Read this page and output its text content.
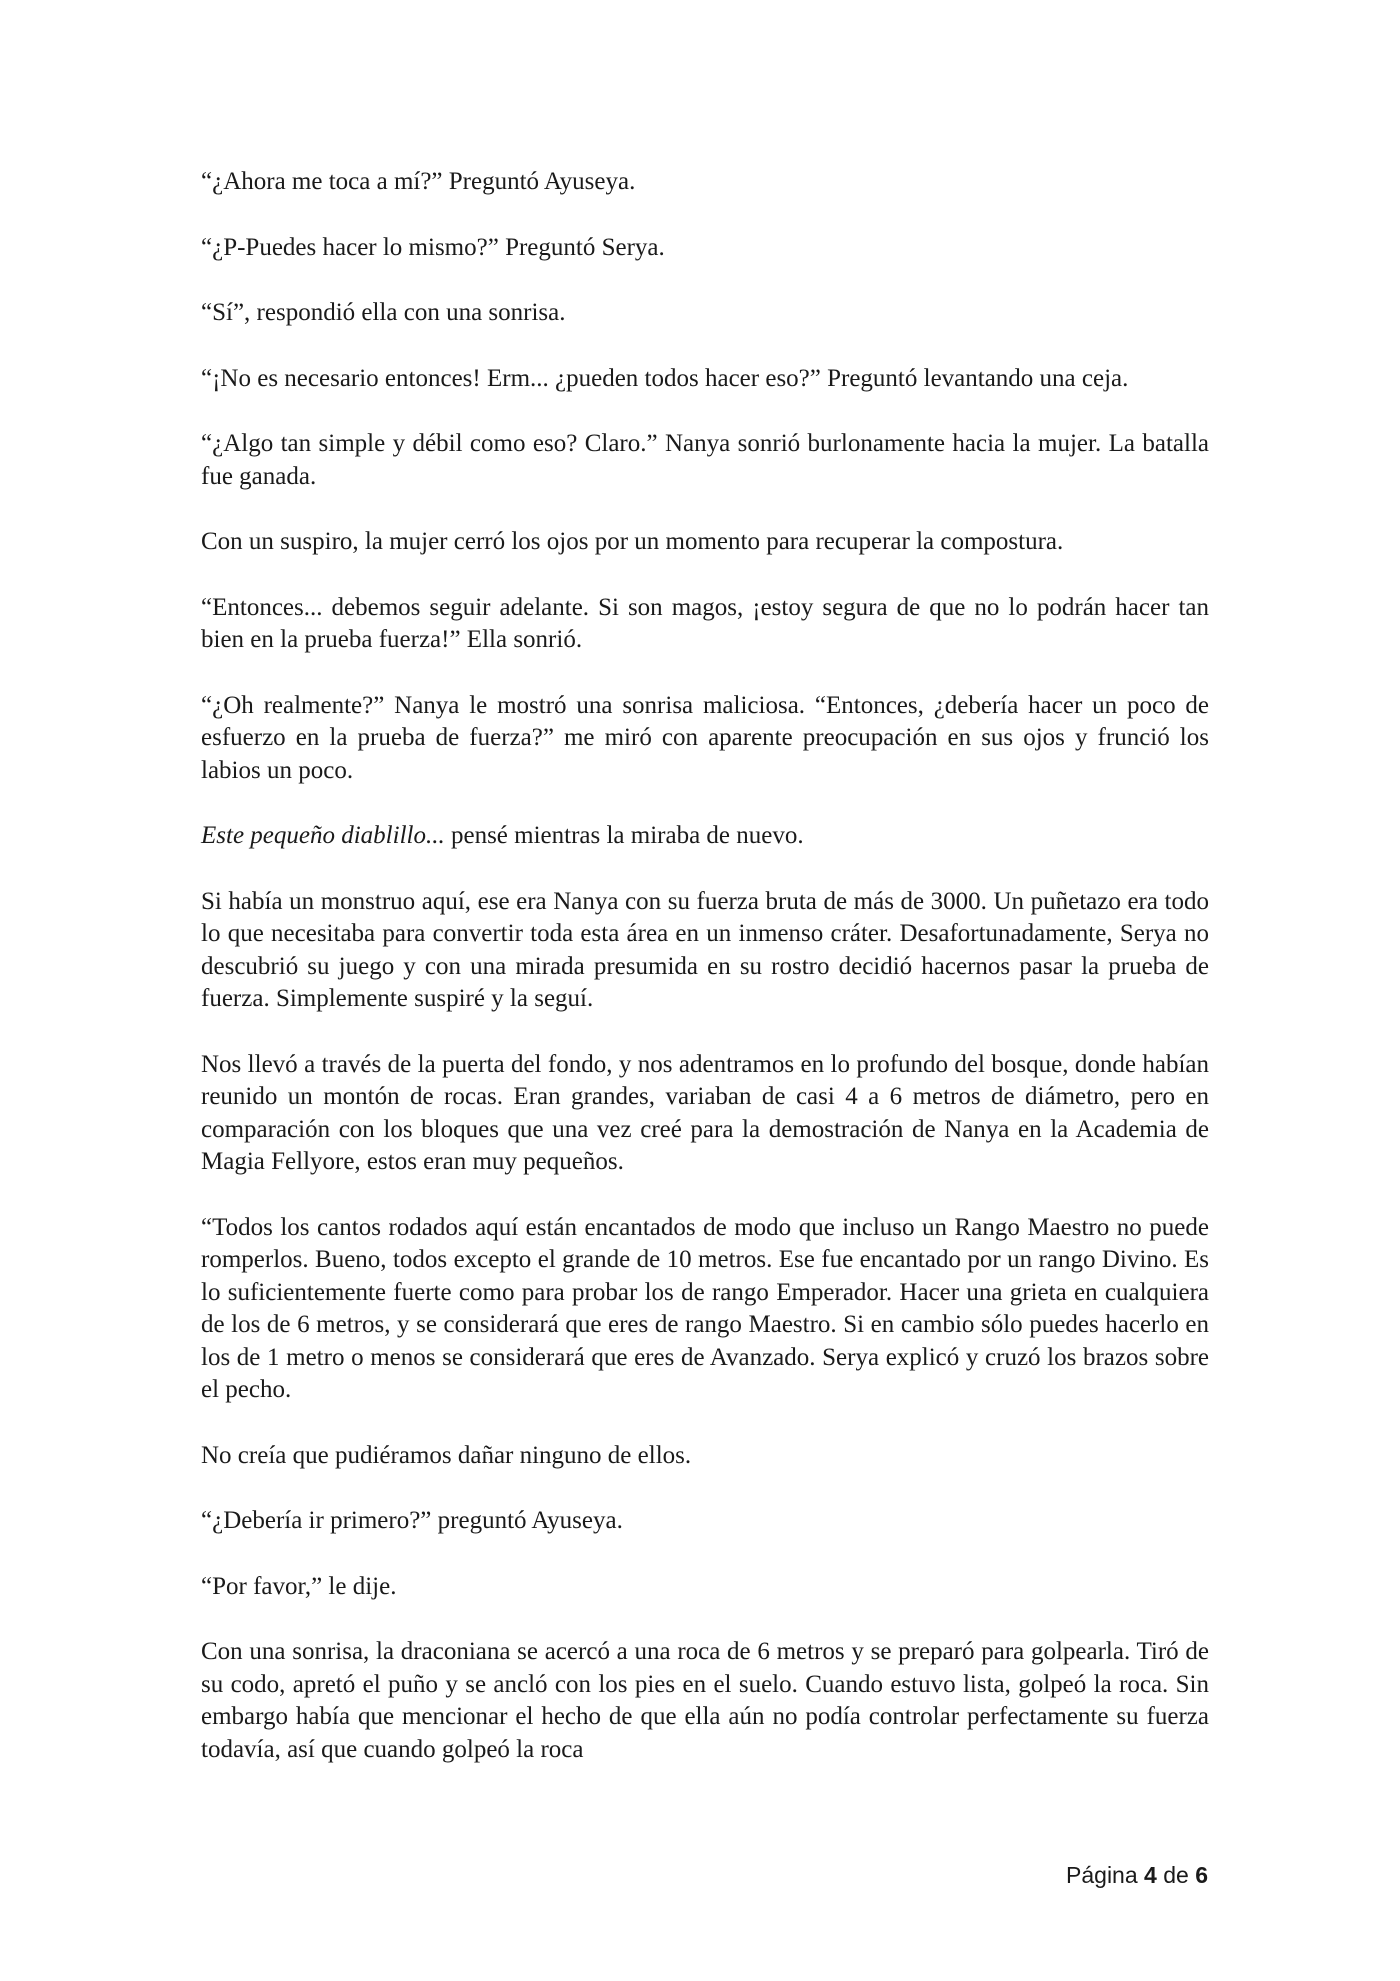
“¿Ahora me toca a mí?” Preguntó Ayuseya.

“¿P-Puedes hacer lo mismo?” Preguntó Serya.

“Sí”, respondió ella con una sonrisa.

“¡No es necesario entonces! Erm... ¿pueden todos hacer eso?” Preguntó levantando una ceja.

“¿Algo tan simple y débil como eso? Claro.” Nanya sonrió burlonamente hacia la mujer. La batalla fue ganada.

Con un suspiro, la mujer cerró los ojos por un momento para recuperar la compostura.

“Entonces... debemos seguir adelante. Si son magos, ¡estoy segura de que no lo podrán hacer tan bien en la prueba fuerza!” Ella sonrió.

“¿Oh realmente?” Nanya le mostró una sonrisa maliciosa. “Entonces, ¿debería hacer un poco de esfuerzo en la prueba de fuerza?” me miró con aparente preocupación en sus ojos y frunció los labios un poco.

Este pequeño diablillo... pensé mientras la miraba de nuevo.

Si había un monstruo aquí, ese era Nanya con su fuerza bruta de más de 3000. Un puñetazo era todo lo que necesitaba para convertir toda esta área en un inmenso cráter. Desafortunadamente, Serya no descubrió su juego y con una mirada presumida en su rostro decidió hacernos pasar la prueba de fuerza. Simplemente suspiré y la seguí.

Nos llevó a través de la puerta del fondo, y nos adentramos en lo profundo del bosque, donde habían reunido un montón de rocas. Eran grandes, variaban de casi 4 a 6 metros de diámetro, pero en comparación con los bloques que una vez creé para la demostración de Nanya en la Academia de Magia Fellyore, estos eran muy pequeños.

“Todos los cantos rodados aquí están encantados de modo que incluso un Rango Maestro no puede romperlos. Bueno, todos excepto el grande de 10 metros. Ese fue encantado por un rango Divino. Es lo suficientemente fuerte como para probar los de rango Emperador. Hacer una grieta en cualquiera de los de 6 metros, y se considerará que eres de rango Maestro. Si en cambio sólo puedes hacerlo en los de 1 metro o menos se considerará que eres de Avanzado. Serya explicó y cruzó los brazos sobre el pecho.

No creía que pudiéramos dañar ninguno de ellos.

“¿Debería ir primero?” preguntó Ayuseya.

“Por favor,” le dije.

Con una sonrisa, la draconiana se acercó a una roca de 6 metros y se preparó para golpearla. Tiró de su codo, apretó el puño y se ancló con los pies en el suelo. Cuando estuvo lista, golpeó la roca. Sin embargo había que mencionar el hecho de que ella aún no podía controlar perfectamente su fuerza todavía, así que cuando golpeó la roca

Página 4 de 6
